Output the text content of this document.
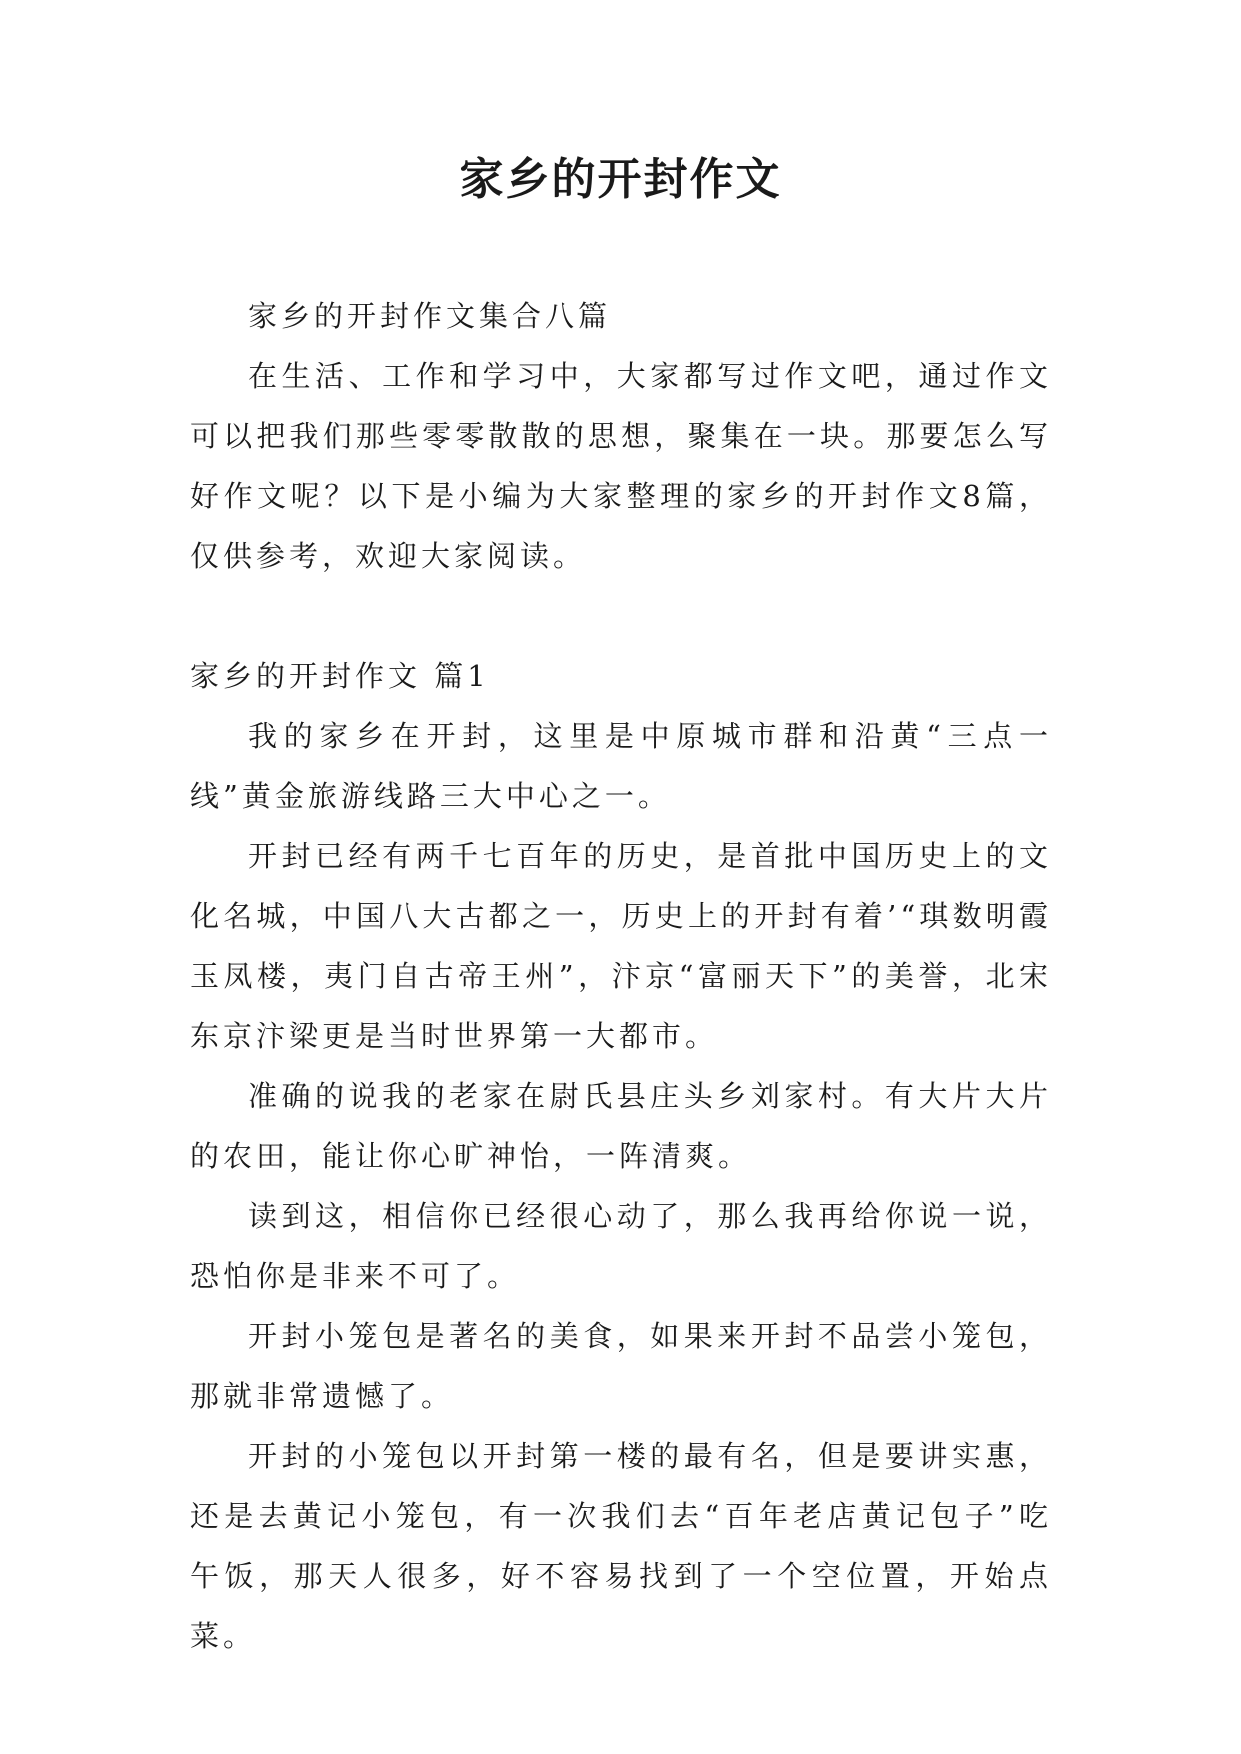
家乡的开封作文

家乡的开封作文集合八篇

在生活、工作和学习中，大家都写过作文吧，通过作文可以把我们那些零零散散的思想，聚集在一块。那要怎么写好作文呢？以下是小编为大家整理的家乡的开封作文8篇，仅供参考，欢迎大家阅读。

家乡的开封作文 篇1

我的家乡在开封，这里是中原城市群和沿黄“三点一线”黄金旅游线路三大中心之一。

开封已经有两千七百年的历史，是首批中国历史上的文化名城，中国八大古都之一，历史上的开封有着’“琪数明霞玉凤楼，夷门自古帝王州”，汴京“富丽天下”的美誉，北宋东京汴梁更是当时世界第一大都市。

准确的说我的老家在尉氏县庄头乡刘家村。有大片大片的农田，能让你心旷神怡，一阵清爽。

读到这，相信你已经很心动了，那么我再给你说一说，恐怕你是非来不可了。

开封小笼包是著名的美食，如果来开封不品尝小笼包，那就非常遗憾了。

开封的小笼包以开封第一楼的最有名，但是要讲实惠，还是去黄记小笼包，有一次我们去“百年老店黄记包子”吃午饭，那天人很多，好不容易找到了一个空位置，开始点菜。
